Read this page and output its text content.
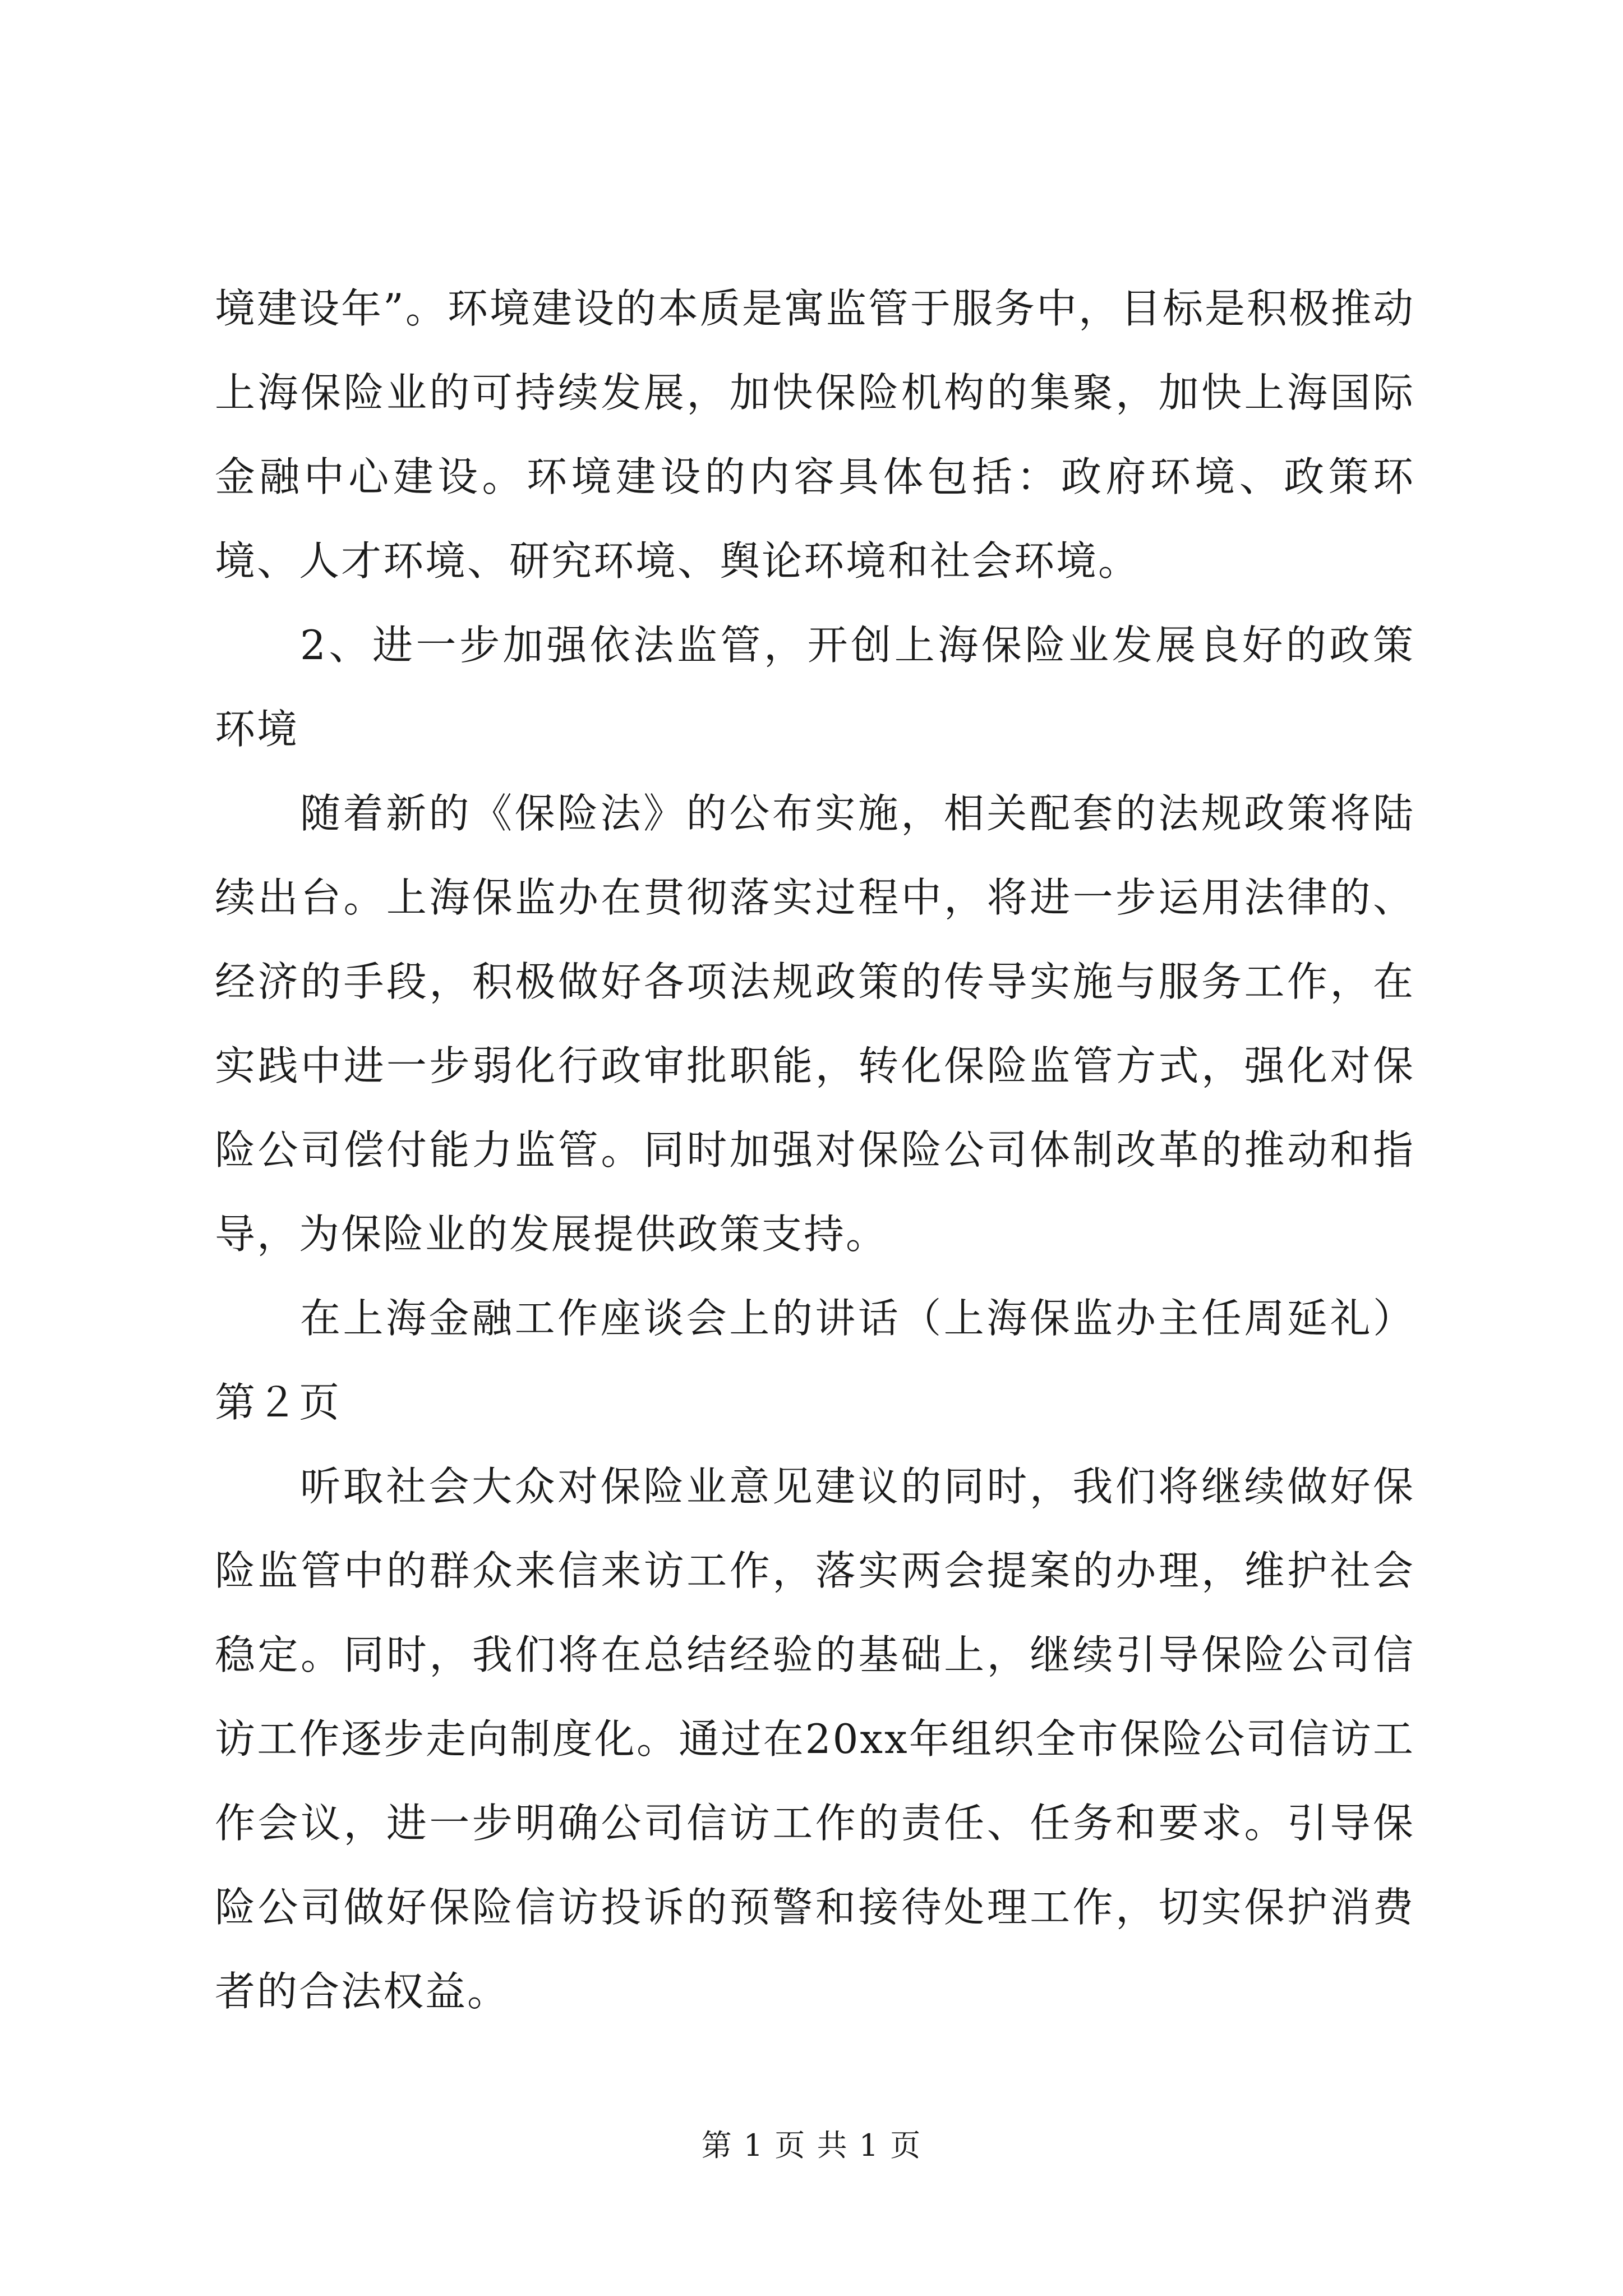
境建设年”。环境建设的本质是寓监管于服务中，目标是积极推动上海保险业的可持续发展，加快保险机构的集聚，加快上海国际金融中心建设。环境建设的内容具体包括：政府环境、政策环境、人才环境、研究环境、舆论环境和社会环境。

2、进一步加强依法监管，开创上海保险业发展良好的政策环境

随着新的《保险法》的公布实施，相关配套的法规政策将陆续出台。上海保监办在贯彻落实过程中，将进一步运用法律的、经济的手段，积极做好各项法规政策的传导实施与服务工作，在实践中进一步弱化行政审批职能，转化保险监管方式，强化对保险公司偿付能力监管。同时加强对保险公司体制改革的推动和指导，为保险业的发展提供政策支持。

在上海金融工作座谈会上的讲话（上海保监办主任周延礼）第２页

听取社会大众对保险业意见建议的同时，我们将继续做好保险监管中的群众来信来访工作，落实两会提案的办理，维护社会稳定。同时，我们将在总结经验的基础上，继续引导保险公司信访工作逐步走向制度化。通过在20xx年组织全市保险公司信访工作会议，进一步明确公司信访工作的责任、任务和要求。引导保险公司做好保险信访投诉的预警和接待处理工作，切实保护消费者的合法权益。

第 1 页 共 1 页
